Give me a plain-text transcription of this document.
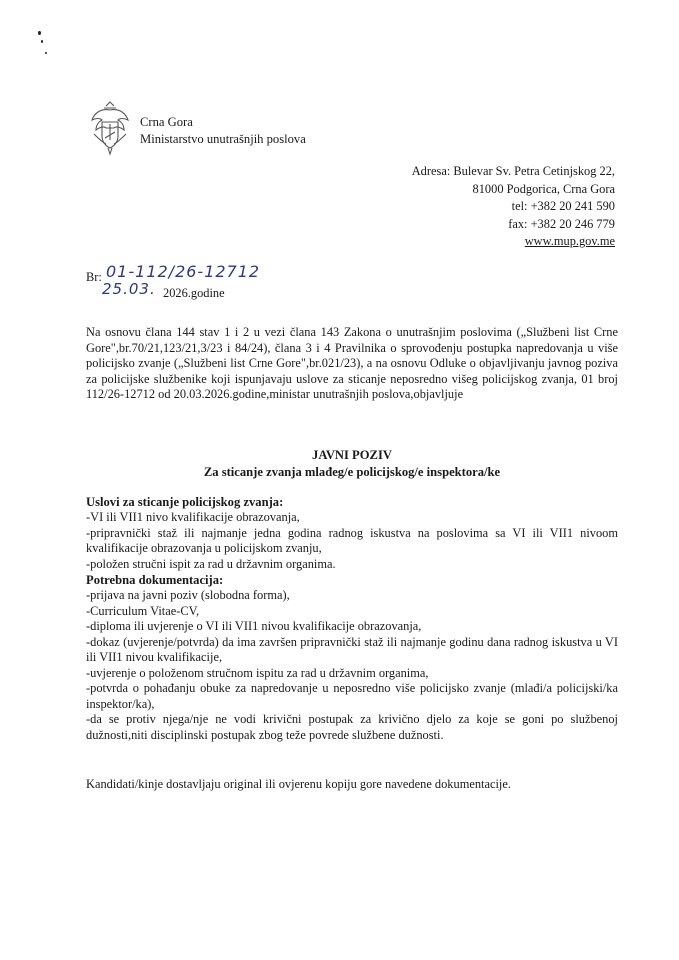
Crna Gora
Ministarstvo unutrašnjih poslova
Adresa: Bulevar Sv. Petra Cetinjskog 22,
81000 Podgorica, Crna Gora
tel: +382 20 241 590
fax: +382 20 246 779
www.mup.gov.me
Br: 01-112/26-12712
25.03. 2026.godine

Na osnovu člana 144 stav 1 i 2 u vezi člana 143 Zakona o unutrašnjim poslovima („Službeni list Crne Gore",br.70/21,123/21,3/23 i 84/24), člana 3 i 4 Pravilnika o sprovođenju postupka napredovanja u više policijsko zvanje („Službeni list Crne Gore",br.021/23), a na osnovu Odluke o objavljivanju javnog poziva za policijske službenike koji ispunjavaju uslove za sticanje neposredno višeg policijskog zvanja, 01 broj 112/26-12712 od 20.03.2026.godine,ministar unutrašnjih poslova,objavljuje

JAVNI POZIV
Za sticanje zvanja mlađeg/e policijskog/e inspektora/ke
Uslovi za sticanje policijskog zvanja:
-VI ili VII1 nivo kvalifikacije obrazovanja,
-pripravnički staž ili najmanje jedna godina radnog iskustva na poslovima sa VI ili VII1 nivoom kvalifikacije obrazovanja u policijskom zvanju,
-položen stručni ispit za rad u državnim organima.
Potrebna dokumentacija:
-prijava na javni poziv (slobodna forma),
-Curriculum Vitae-CV,
-diploma ili uvjerenje o VI ili VII1 nivou kvalifikacije obrazovanja,
-dokaz (uvjerenje/potvrda) da ima završen pripravnički staž ili najmanje godinu dana radnog iskustva u VI ili VII1 nivou kvalifikacije,
-uvjerenje o položenom stručnom ispitu za rad u državnim organima,
-potvrda o pohađanju obuke za napredovanje u neposredno više policijsko zvanje (mlađi/a policijski/ka inspektor/ka),
-da se protiv njega/nje ne vodi krivični postupak za krivično djelo za koje se goni po službenoj dužnosti,niti disciplinski postupak zbog teže povrede službene dužnosti.
Kandidati/kinje dostavljaju original ili ovjerenu kopiju gore navedene dokumentacije.
